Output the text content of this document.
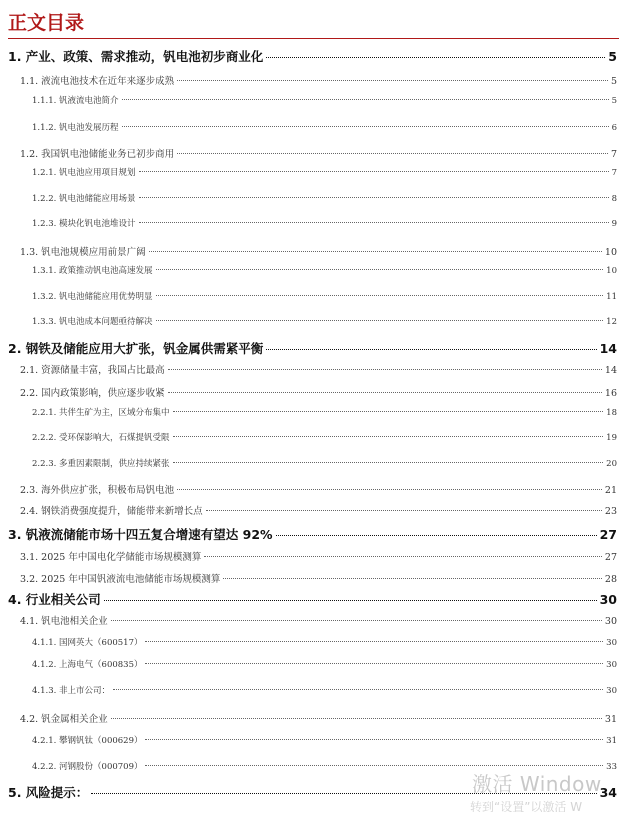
正文目录
1. 产业、政策、需求推动，钒电池初步商业化	5
1.1. 液流电池技术在近年来逐步成熟	5
1.1.1. 钒液流电池简介	5
1.1.2. 钒电池发展历程	6
1.2. 我国钒电池储能业务已初步商用	7
1.2.1. 钒电池应用项目规划	7
1.2.2. 钒电池储能应用场景	8
1.2.3. 模块化钒电池堆设计	9
1.3. 钒电池规模应用前景广阔	10
1.3.1. 政策推动钒电池高速发展	10
1.3.2. 钒电池储能应用优势明显	11
1.3.3. 钒电池成本问题亟待解决	12
2. 钢铁及储能应用大扩张，钒金属供需紧平衡	14
2.1. 资源储量丰富，我国占比最高	14
2.2. 国内政策影响，供应逐步收紧	16
2.2.1. 共伴生矿为主，区域分布集中	18
2.2.2. 受环保影响大，石煤提钒受限	19
2.2.3. 多重因素限制，供应持续紧张	20
2.3. 海外供应扩张，积极布局钒电池	21
2.4. 钢铁消费强度提升，储能带来新增长点	23
3. 钒液流储能市场十四五复合增速有望达 92%	27
3.1. 2025 年中国电化学储能市场规模测算	27
3.2. 2025 年中国钒液流电池储能市场规模测算	28
4. 行业相关公司	30
4.1. 钒电池相关企业	30
4.1.1. 国网英大（600517）	30
4.1.2. 上海电气（600835）	30
4.1.3. 非上市公司：	30
4.2. 钒金属相关企业	31
4.2.1. 攀钢钒钛（000629）	31
4.2.2. 河钢股份（000709）	33
5. 风险提示：	34
激活 Window
转到“设置”以激活 W
